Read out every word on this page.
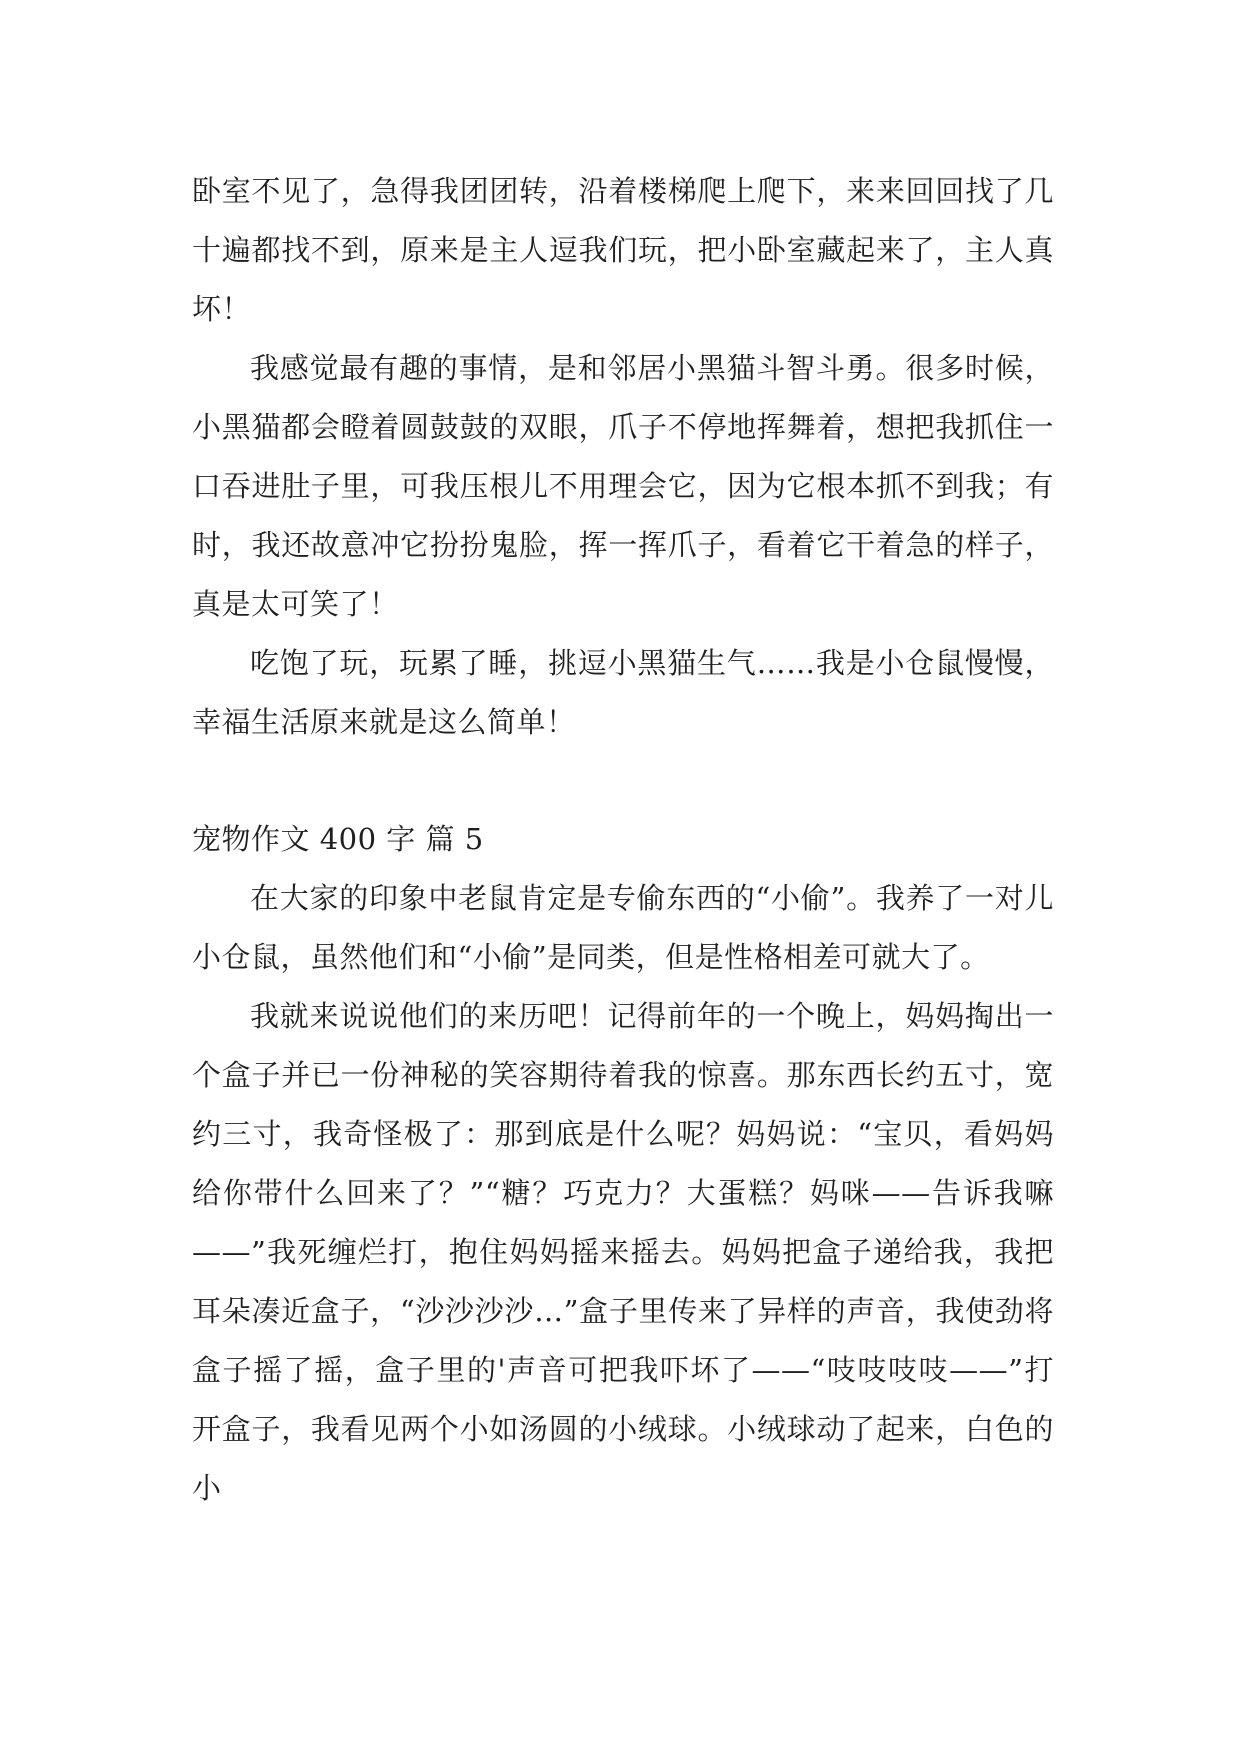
卧室不见了，急得我团团转，沿着楼梯爬上爬下，来来回回找了几十遍都找不到，原来是主人逗我们玩，把小卧室藏起来了，主人真坏！

我感觉最有趣的事情，是和邻居小黑猫斗智斗勇。很多时候，小黑猫都会瞪着圆鼓鼓的双眼，爪子不停地挥舞着，想把我抓住一口吞进肚子里，可我压根儿不用理会它，因为它根本抓不到我；有时，我还故意冲它扮扮鬼脸，挥一挥爪子，看着它干着急的样子，真是太可笑了！

吃饱了玩，玩累了睡，挑逗小黑猫生气……我是小仓鼠慢慢，幸福生活原来就是这么简单！

宠物作文 400 字 篇 5

在大家的印象中老鼠肯定是专偷东西的“小偷”。我养了一对儿小仓鼠，虽然他们和“小偷”是同类，但是性格相差可就大了。

我就来说说他们的来历吧！记得前年的一个晚上，妈妈掏出一个盒子并已一份神秘的笑容期待着我的惊喜。那东西长约五寸，宽约三寸，我奇怪极了：那到底是什么呢？妈妈说：“宝贝，看妈妈给你带什么回来了？”“糖？巧克力？大蛋糕？妈咪——告诉我嘛——”我死缠烂打，抱住妈妈摇来摇去。妈妈把盒子递给我，我把耳朵凑近盒子，“沙沙沙沙…”盒子里传来了异样的声音，我使劲将盒子摇了摇，盒子里的'声音可把我吓坏了——“吱吱吱吱——”打开盒子，我看见两个小如汤圆的小绒球。小绒球动了起来，白色的小
